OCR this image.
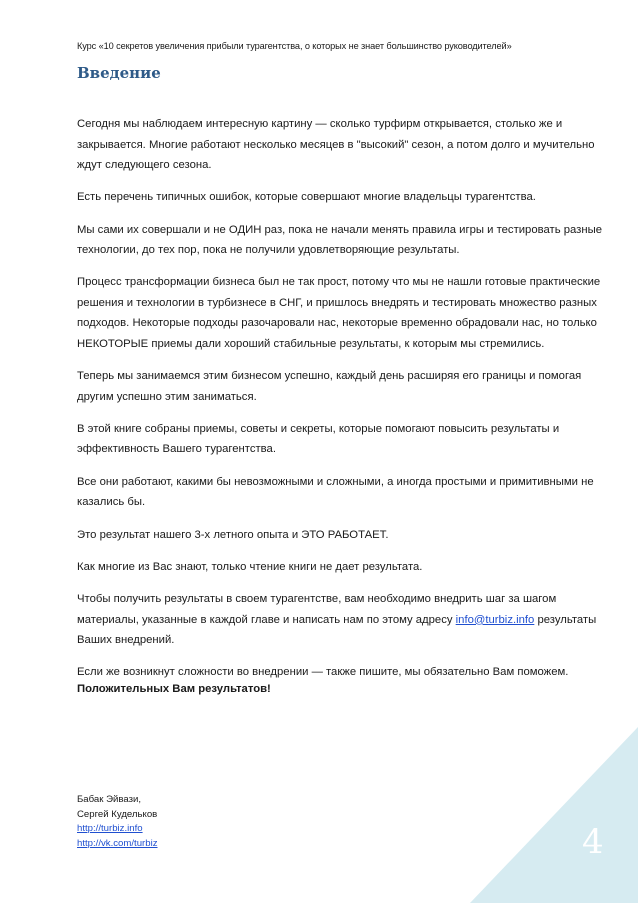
Курс «10 секретов увеличения прибыли турагентства, о которых не знает большинство руководителей»
Введение

Сегодня мы наблюдаем интересную картину — сколько турфирм открывается, столько же и закрывается. Многие работают несколько месяцев в "высокий" сезон, а потом долго и мучительно ждут следующего сезона.

Есть перечень типичных ошибок, которые совершают многие владельцы турагентства.

Мы сами их совершали и не ОДИН раз, пока не начали менять правила игры и тестировать разные технологии, до тех пор, пока не получили удовлетворяющие результаты.

Процесс трансформации бизнеса был не так прост, потому что мы не нашли готовые практические решения и технологии в турбизнесе в СНГ, и пришлось внедрять и тестировать множество разных подходов. Некоторые подходы разочаровали нас, некоторые временно обрадовали нас, но только НЕКОТОРЫЕ приемы дали хороший стабильные результаты, к которым мы стремились.

Теперь мы занимаемся этим бизнесом успешно, каждый день расширяя его границы и помогая другим успешно этим заниматься.

В этой книге собраны приемы, советы и секреты, которые помогают повысить результаты и эффективность Вашего турагентства.

Все они работают, какими бы невозможными и сложными, а иногда простыми и примитивными не казались бы.

Это результат нашего 3-х летного опыта и ЭТО РАБОТАЕТ.

Как многие из Вас знают, только чтение книги не дает результата.

Чтобы получить результаты в своем турагентстве, вам необходимо внедрить шаг за шагом материалы, указанные в каждой главе и написать нам по этому адресу info@turbiz.info результаты Ваших внедрений.

Если же возникнут сложности во внедрении — также пишите, мы обязательно Вам поможем.

Положительных Вам результатов!
Бабак Эйвази,
Сергей Кудельков
http://turbiz.info
http://vk.com/turbiz	4
